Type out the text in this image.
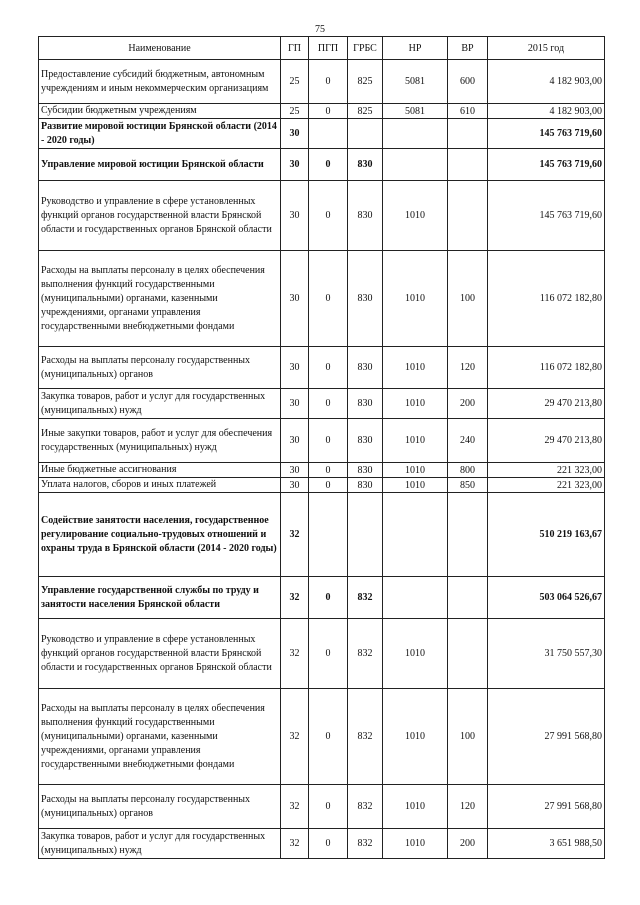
75
Наименование	ГП	ПГП	ГРБС	НР	ВР	2015 год
Предоставление субсидий бюджетным, автономным учреждениям и иным некоммерческим организациям	25	0	825	5081	600	4 182 903,00
Субсидии бюджетным учреждениям	25	0	825	5081	610	4 182 903,00
Развитие мировой юстиции Брянской области (2014 - 2020 годы)	30					145 763 719,60
Управление мировой юстиции Брянской области	30	0	830			145 763 719,60
Руководство и управление в сфере установленных функций органов государственной власти Брянской области и государственных органов Брянской области	30	0	830	1010		145 763 719,60
Расходы на выплаты персоналу в целях обеспечения выполнения функций государственными (муниципальными) органами, казенными учреждениями, органами управления государственными внебюджетными фондами	30	0	830	1010	100	116 072 182,80
Расходы на выплаты персоналу государственных (муниципальных) органов	30	0	830	1010	120	116 072 182,80
Закупка товаров, работ и услуг для государственных (муниципальных) нужд	30	0	830	1010	200	29 470 213,80
Иные закупки товаров, работ и услуг для обеспечения государственных (муниципальных) нужд	30	0	830	1010	240	29 470 213,80
Иные бюджетные ассигнования	30	0	830	1010	800	221 323,00
Уплата налогов, сборов и иных платежей	30	0	830	1010	850	221 323,00
Содействие занятости населения, государственное регулирование социально-трудовых отношений и охраны труда в Брянской области (2014 - 2020 годы)	32					510 219 163,67
Управление государственной службы по труду и занятости населения Брянской области	32	0	832			503 064 526,67
Руководство и управление в сфере установленных функций органов государственной власти Брянской области и государственных органов Брянской области	32	0	832	1010		31 750 557,30
Расходы на выплаты персоналу в целях обеспечения выполнения функций государственными (муниципальными) органами, казенными учреждениями, органами управления государственными внебюджетными фондами	32	0	832	1010	100	27 991 568,80
Расходы на выплаты персоналу государственных (муниципальных) органов	32	0	832	1010	120	27 991 568,80
Закупка товаров, работ и услуг для государственных (муниципальных) нужд	32	0	832	1010	200	3 651 988,50
